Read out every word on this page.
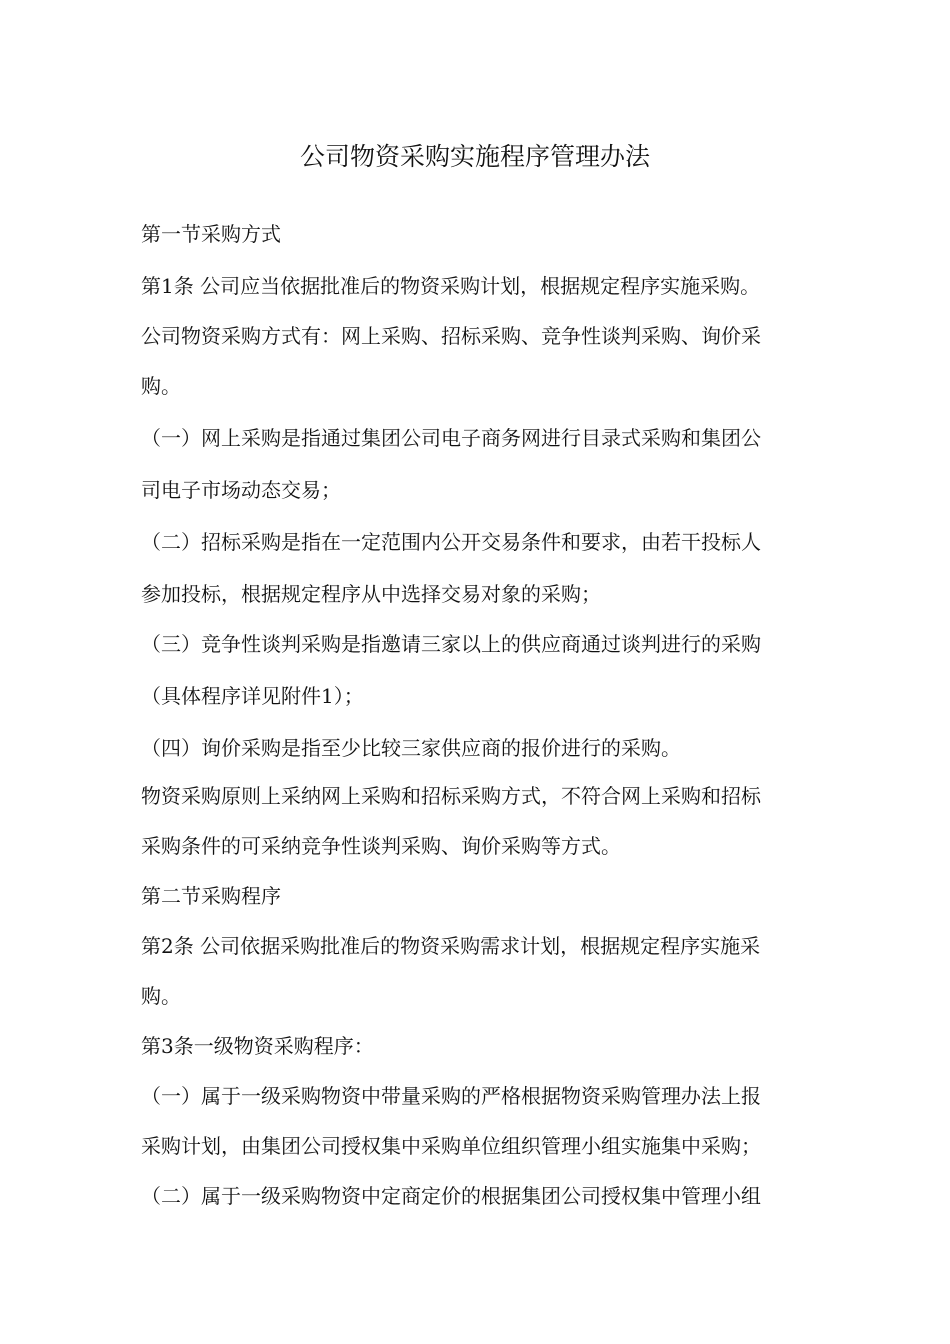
公司物资采购实施程序管理办法
第一节采购方式
第1条 公司应当依据批准后的物资采购计划，根据规定程序实施采购。
公司物资采购方式有：网上采购、招标采购、竞争性谈判采购、询价采
购。
（一）网上采购是指通过集团公司电子商务网进行目录式采购和集团公
司电子市场动态交易；
（二）招标采购是指在一定范围内公开交易条件和要求，由若干投标人
参加投标，根据规定程序从中选择交易对象的采购；
（三）竞争性谈判采购是指邀请三家以上的供应商通过谈判进行的采购
（具体程序详见附件1）；
（四）询价采购是指至少比较三家供应商的报价进行的采购。
物资采购原则上采纳网上采购和招标采购方式，不符合网上采购和招标
采购条件的可采纳竞争性谈判采购、询价采购等方式。
第二节采购程序
第2条 公司依据采购批准后的物资采购需求计划，根据规定程序实施采
购。
第3条一级物资采购程序：
（一）属于一级采购物资中带量采购的严格根据物资采购管理办法上报
采购计划，由集团公司授权集中采购单位组织管理小组实施集中采购；
（二）属于一级采购物资中定商定价的根据集团公司授权集中管理小组
